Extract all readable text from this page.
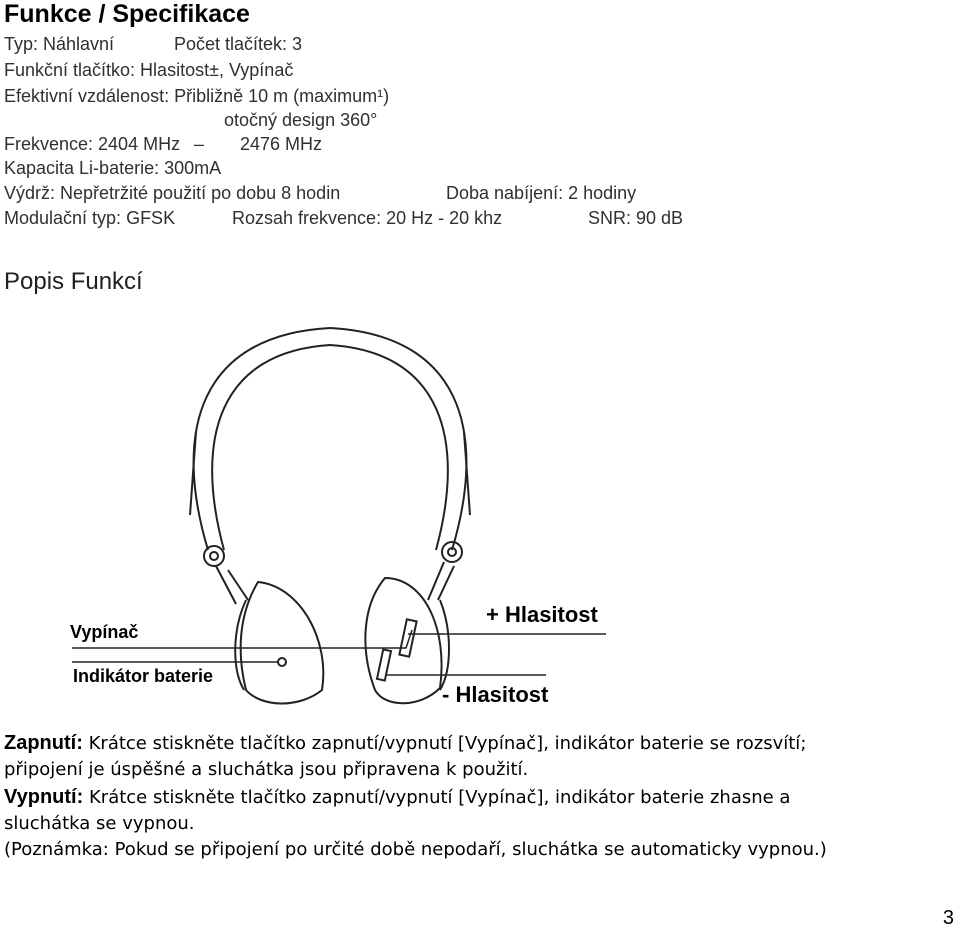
Funkce / Specifikace
Typ: Náhlavní	Počet tlačítek: 3
Funkční tlačítko: Hlasitost±, Vypínač
Efektivní vzdálenost: Přibližně 10 m (maximum¹)
otočný design 360°
Frekvence: 2404 MHz – 2476 MHz
Kapacita Li-baterie: 300mA
Výdrž: Nepřetržité použití po dobu 8 hodin	Doba nabíjení: 2 hodiny
Modulační typ: GFSK	Rozsah frekvence: 20 Hz - 20 khz	SNR: 90 dB
Popis Funkcí
Vypínač
Indikátor baterie
+ Hlasitost
- Hlasitost
Zapnutí: Krátce stiskněte tlačítko zapnutí/vypnutí [Vypínač], indikátor baterie se rozsvítí;
připojení je úspěšné a sluchátka jsou připravena k použití.
Vypnutí: Krátce stiskněte tlačítko zapnutí/vypnutí [Vypínač], indikátor baterie zhasne a
sluchátka se vypnou.
(Poznámka: Pokud se připojení po určité době nepodaří, sluchátka se automaticky vypnou.)
3
